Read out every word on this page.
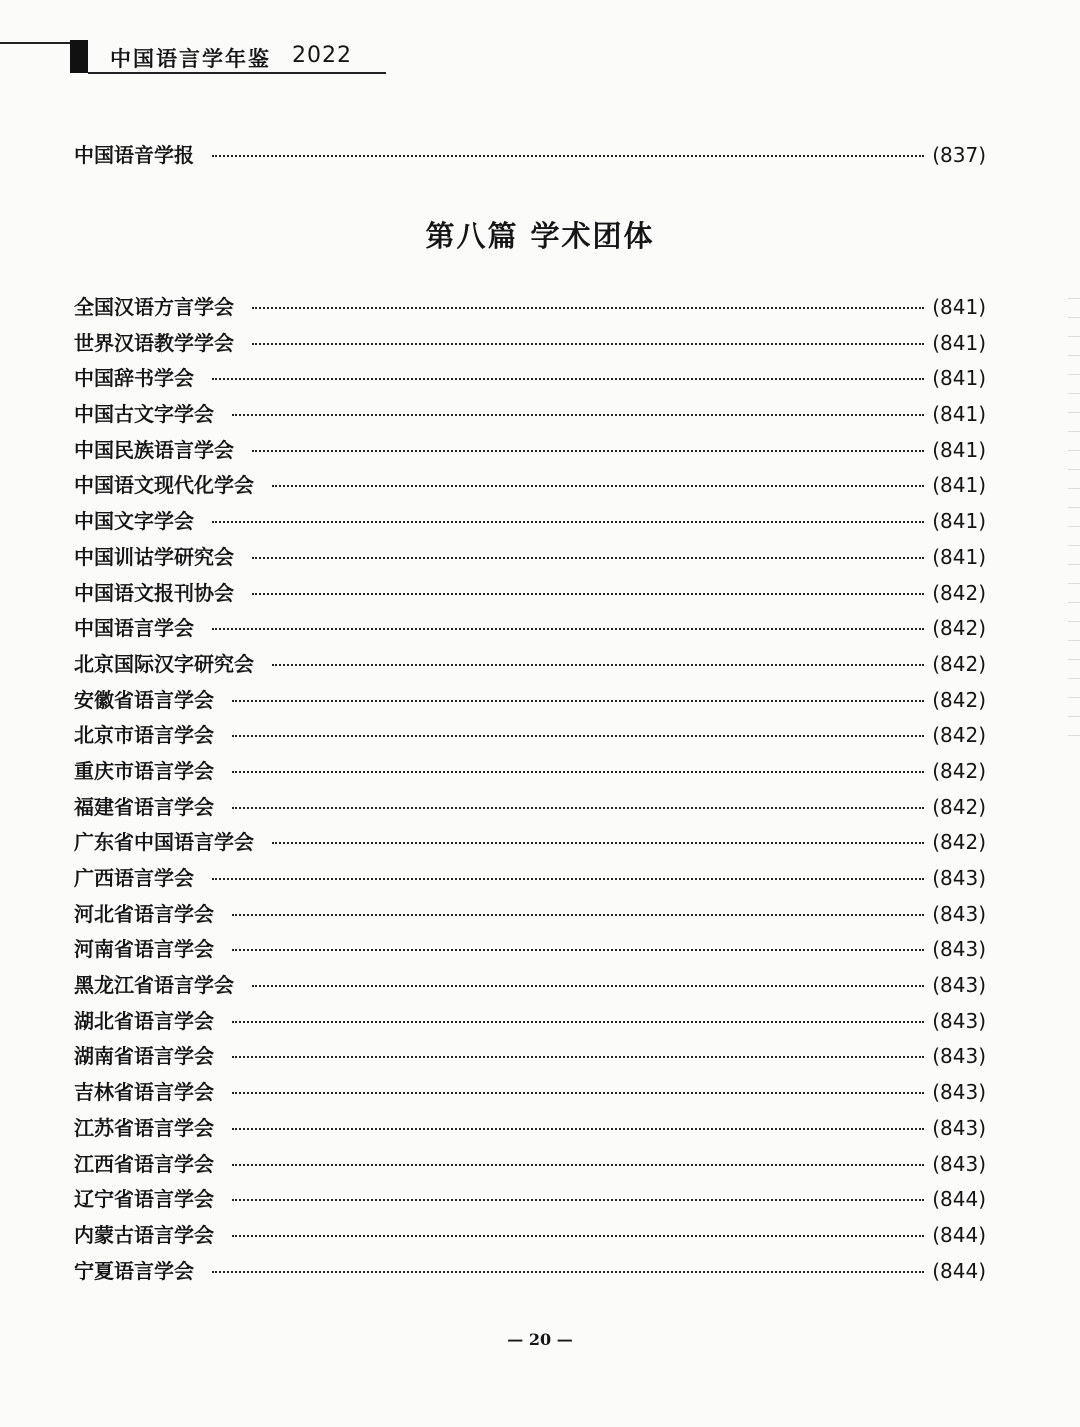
中国语言学年鉴 2022
中国语音学报	(837)
第八篇 学术团体
全国汉语方言学会	(841)
世界汉语教学学会	(841)
中国辞书学会	(841)
中国古文字学会	(841)
中国民族语言学会	(841)
中国语文现代化学会	(841)
中国文字学会	(841)
中国训诂学研究会	(841)
中国语文报刊协会	(842)
中国语言学会	(842)
北京国际汉字研究会	(842)
安徽省语言学会	(842)
北京市语言学会	(842)
重庆市语言学会	(842)
福建省语言学会	(842)
广东省中国语言学会	(842)
广西语言学会	(843)
河北省语言学会	(843)
河南省语言学会	(843)
黑龙江省语言学会	(843)
湖北省语言学会	(843)
湖南省语言学会	(843)
吉林省语言学会	(843)
江苏省语言学会	(843)
江西省语言学会	(843)
辽宁省语言学会	(844)
内蒙古语言学会	(844)
宁夏语言学会	(844)
— 20 —
